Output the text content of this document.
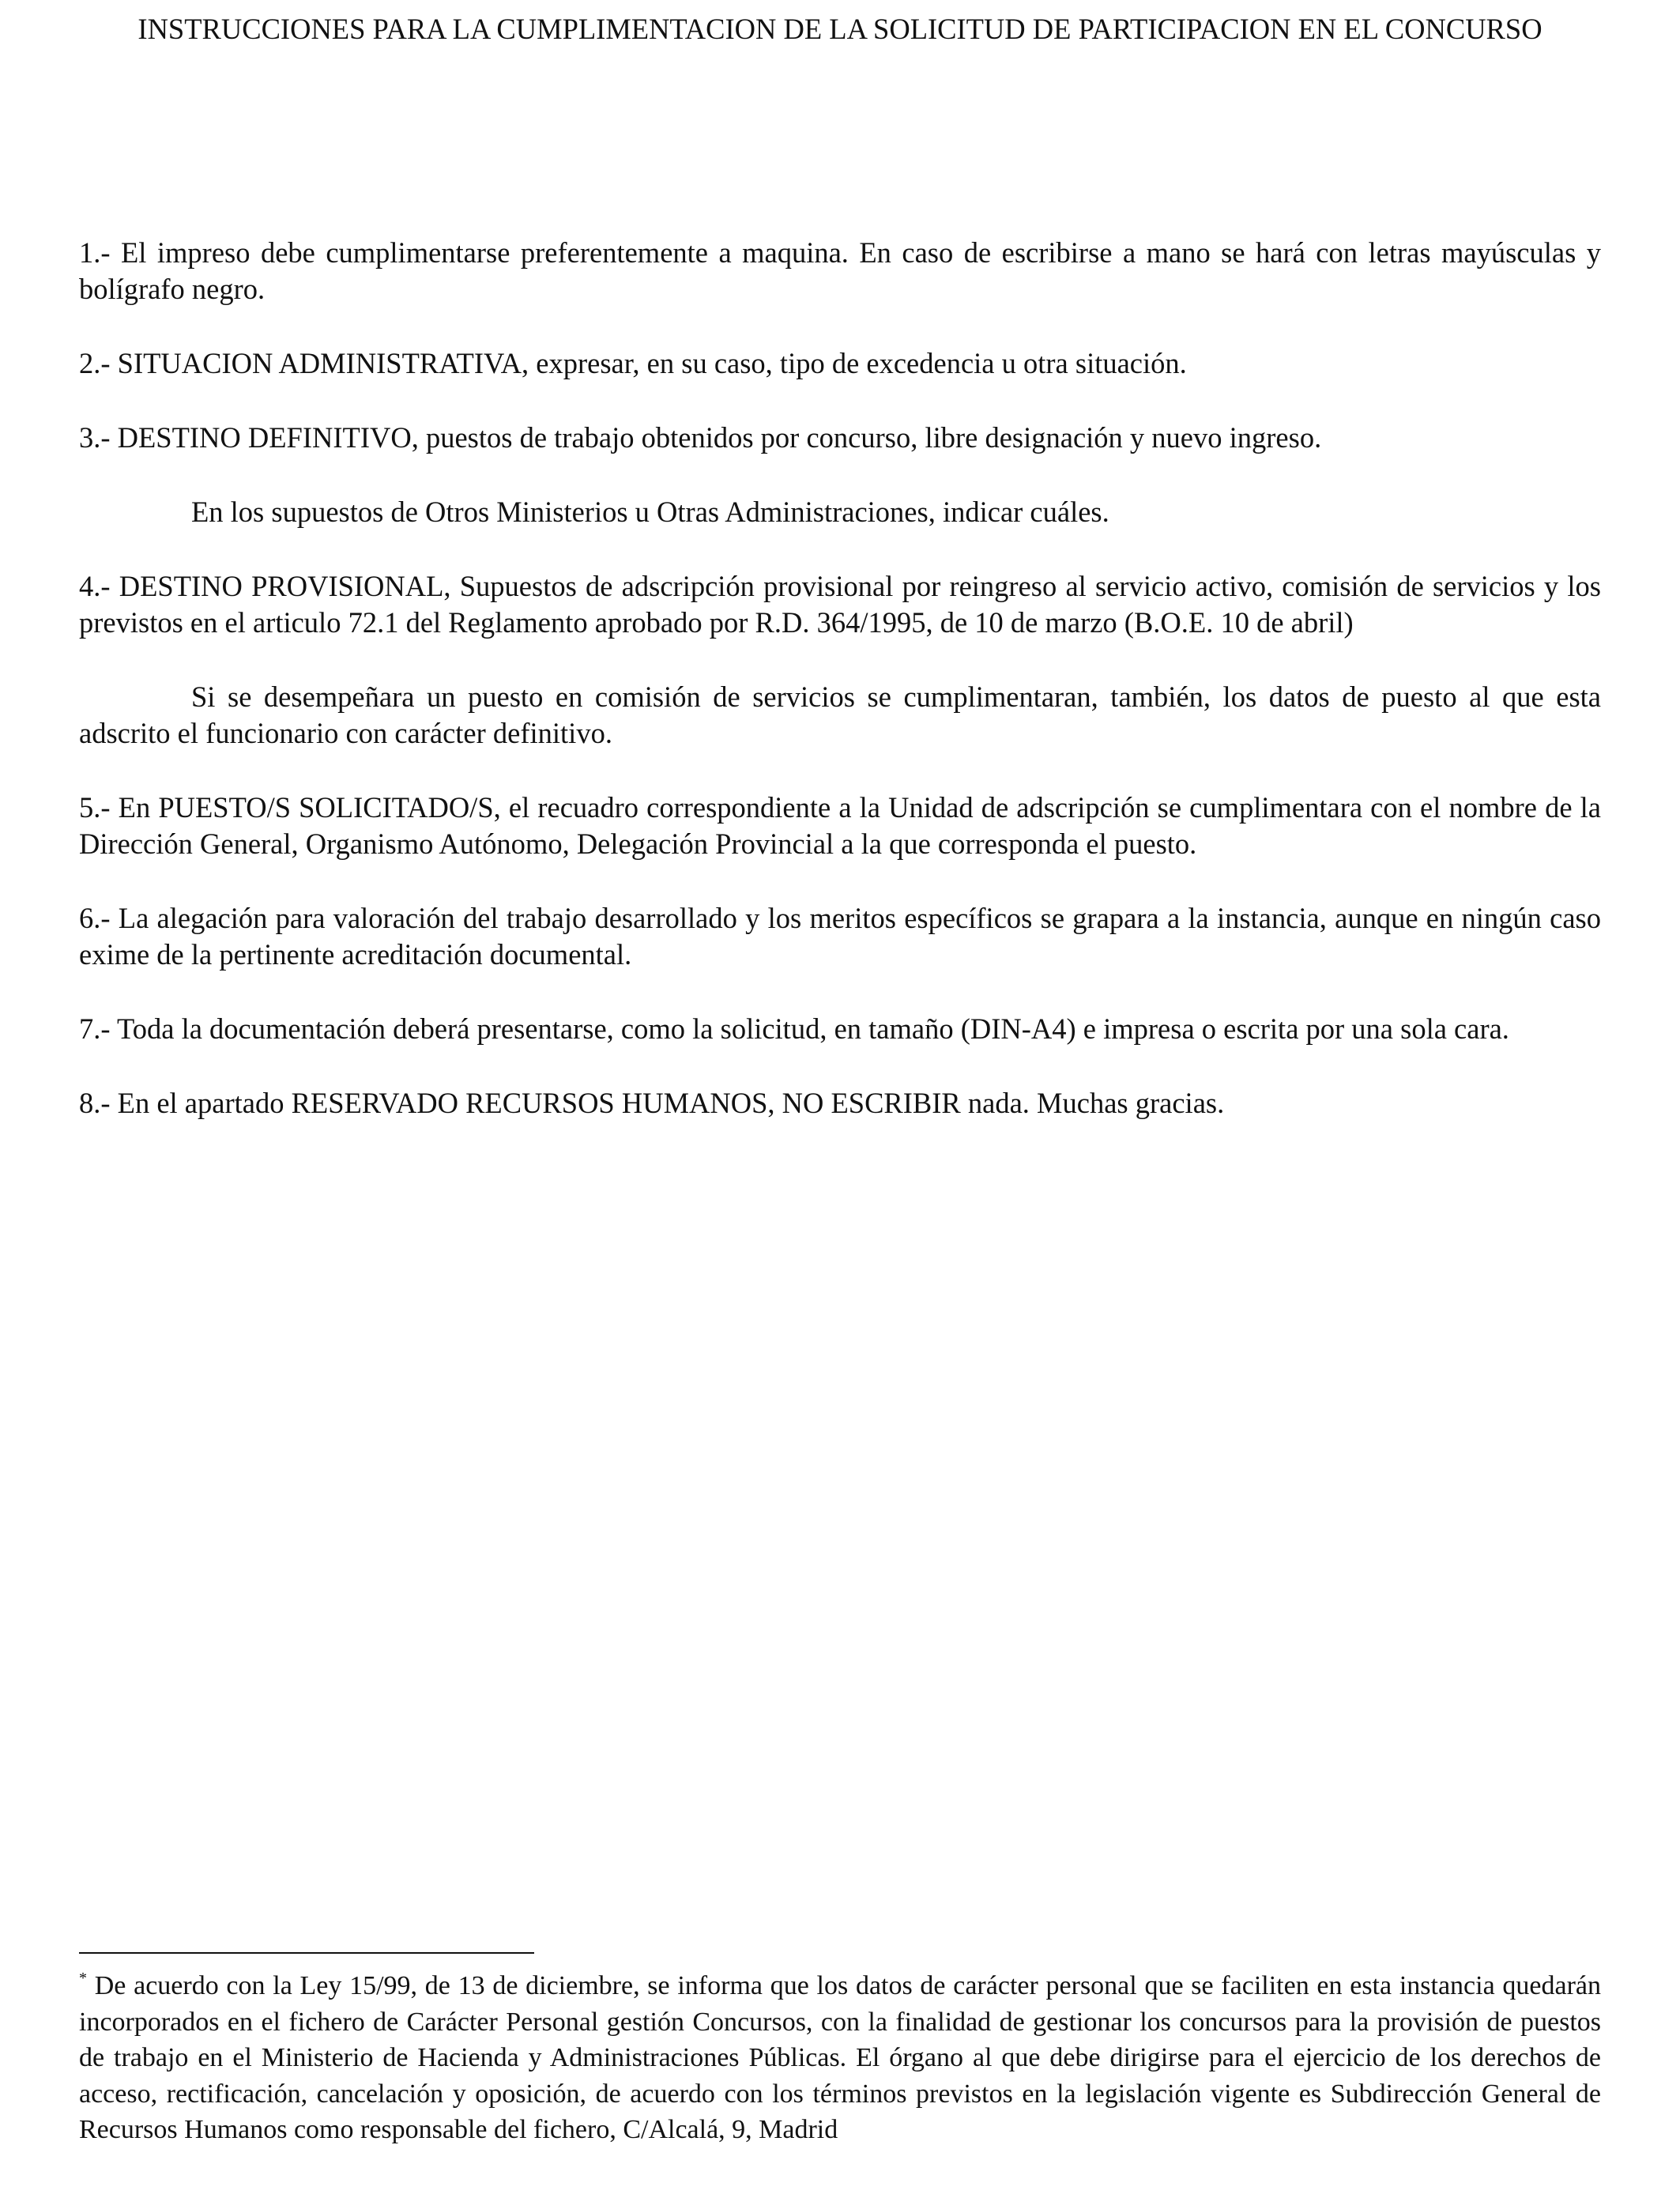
INSTRUCCIONES PARA LA CUMPLIMENTACION DE LA SOLICITUD DE PARTICIPACION EN EL CONCURSO

1.- El impreso debe cumplimentarse preferentemente a maquina. En caso de escribirse a mano se hará con letras mayúsculas y bolígrafo negro.

2.- SITUACION ADMINISTRATIVA, expresar, en su caso, tipo de excedencia u otra situación.

3.- DESTINO DEFINITIVO, puestos de trabajo obtenidos por concurso, libre designación y nuevo ingreso.

En los supuestos de Otros Ministerios u Otras Administraciones, indicar cuáles.

4.- DESTINO PROVISIONAL, Supuestos de adscripción provisional por reingreso al servicio activo, comisión de servicios y los previstos en el articulo 72.1 del Reglamento aprobado por R.D. 364/1995, de 10 de marzo (B.O.E. 10 de abril)

Si se desempeñara un puesto en comisión de servicios se cumplimentaran, también, los datos de puesto al que esta adscrito el funcionario con carácter definitivo.

5.- En PUESTO/S SOLICITADO/S, el recuadro correspondiente a la Unidad de adscripción se cumplimentara con el nombre de la Dirección General, Organismo Autónomo, Delegación Provincial a la que corresponda el puesto.

6.- La alegación para valoración del trabajo desarrollado y los meritos específicos se grapara a la instancia, aunque en ningún caso exime de la pertinente acreditación documental.

7.- Toda la documentación deberá presentarse, como la solicitud, en tamaño (DIN-A4) e impresa o escrita por una sola cara.

8.- En el apartado RESERVADO RECURSOS HUMANOS, NO ESCRIBIR nada. Muchas gracias.

* De acuerdo con la Ley 15/99, de 13 de diciembre, se informa que los datos de carácter personal que se faciliten en esta instancia quedarán incorporados en el fichero de Carácter Personal gestión Concursos, con la finalidad de gestionar los concursos para la provisión de puestos de trabajo en el Ministerio de Hacienda y Administraciones Públicas. El órgano al que debe dirigirse para el ejercicio de los derechos de acceso, rectificación, cancelación y oposición, de acuerdo con los términos previstos en la legislación vigente es Subdirección General de Recursos Humanos como responsable del fichero, C/Alcalá, 9, Madrid
